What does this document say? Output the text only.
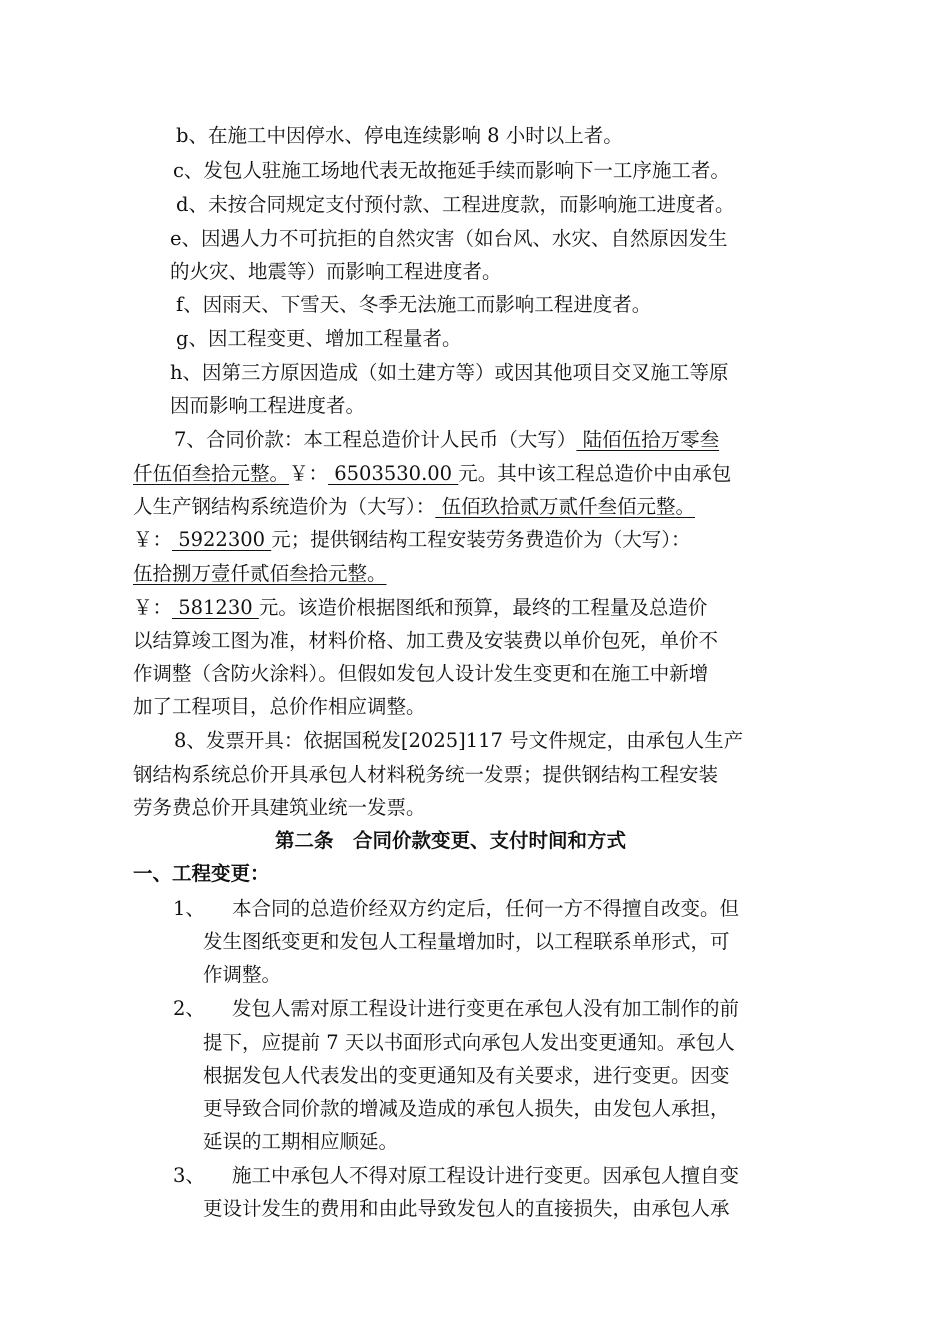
b、在施工中因停水、停电连续影响 8 小时以上者。
c、发包人驻施工场地代表无故拖延手续而影响下一工序施工者。
d、未按合同规定支付预付款、工程进度款，而影响施工进度者。
e、因遇人力不可抗拒的自然灾害（如台风、水灾、自然原因发生
的火灾、地震等）而影响工程进度者。
f、因雨天、下雪天、冬季无法施工而影响工程进度者。
g、因工程变更、增加工程量者。
h、因第三方原因造成（如土建方等）或因其他项目交叉施工等原
因而影响工程进度者。
7、合同价款：本工程总造价计人民币（大写） 陆佰伍拾万零叁
仟伍佰叁拾元整。￥： 6503530.00 元。其中该工程总造价中由承包
人生产钢结构系统造价为（大写）： 伍佰玖拾贰万贰仟叁佰元整。
￥： 5922300 元；提供钢结构工程安装劳务费造价为（大写）：
伍拾捌万壹仟贰佰叁拾元整。
￥： 581230 元。该造价根据图纸和预算，最终的工程量及总造价
以结算竣工图为准，材料价格、加工费及安装费以单价包死，单价不
作调整（含防火涂料）。但假如发包人设计发生变更和在施工中新增
加了工程项目，总价作相应调整。
8、发票开具：依据国税发[2025]117 号文件规定，由承包人生产
钢结构系统总价开具承包人材料税务统一发票；提供钢结构工程安装
劳务费总价开具建筑业统一发票。
第二条　合同价款变更、支付时间和方式
一、工程变更：
1、 本合同的总造价经双方约定后，任何一方不得擅自改变。但
发生图纸变更和发包人工程量增加时，以工程联系单形式，可
作调整。
2、 发包人需对原工程设计进行变更在承包人没有加工制作的前
提下，应提前 7 天以书面形式向承包人发出变更通知。承包人
根据发包人代表发出的变更通知及有关要求，进行变更。因变
更导致合同价款的增减及造成的承包人损失，由发包人承担，
延误的工期相应顺延。
3、 施工中承包人不得对原工程设计进行变更。因承包人擅自变
更设计发生的费用和由此导致发包人的直接损失，由承包人承
